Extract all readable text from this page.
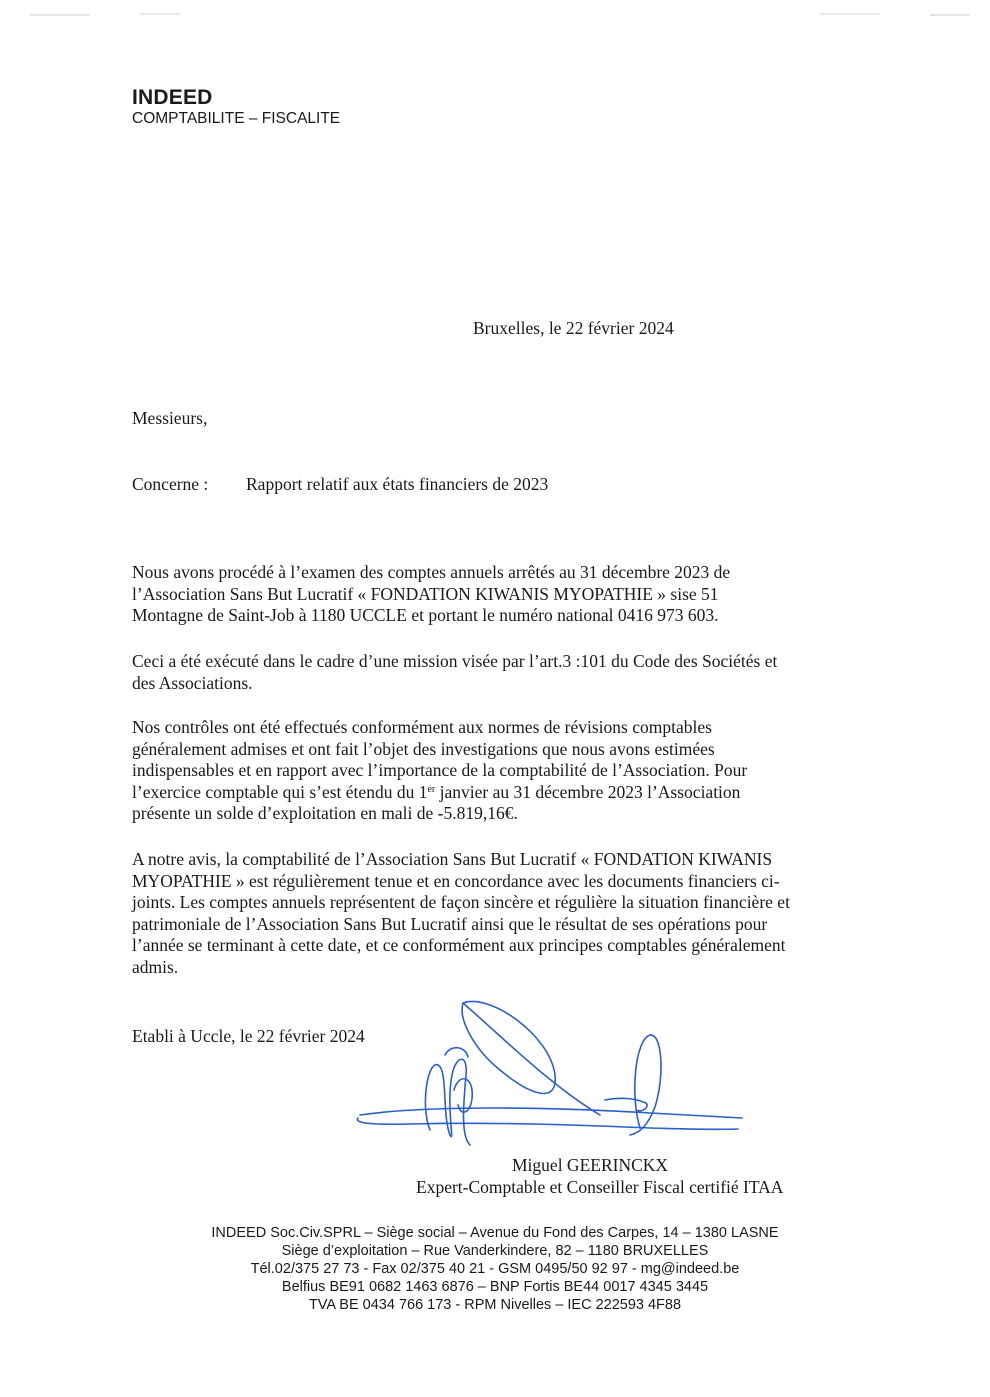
INDEED
COMPTABILITE – FISCALITE
Bruxelles, le 22 février 2024
Messieurs,
Concerne : Rapport relatif aux états financiers de 2023
Nous avons procédé à l’examen des comptes annuels arrêtés au 31 décembre 2023 de
l’Association Sans But Lucratif « FONDATION KIWANIS MYOPATHIE » sise 51
Montagne de Saint-Job à 1180 UCCLE et portant le numéro national 0416 973 603.
Ceci a été exécuté dans le cadre d’une mission visée par l’art.3 :101 du Code des Sociétés et
des Associations.
Nos contrôles ont été effectués conformément aux normes de révisions comptables
généralement admises et ont fait l’objet des investigations que nous avons estimées
indispensables et en rapport avec l’importance de la comptabilité de l’Association. Pour
l’exercice comptable qui s’est étendu du 1er janvier au 31 décembre 2023 l’Association
présente un solde d’exploitation en mali de -5.819,16€.
A notre avis, la comptabilité de l’Association Sans But Lucratif « FONDATION KIWANIS
MYOPATHIE » est régulièrement tenue et en concordance avec les documents financiers ci-
joints. Les comptes annuels représentent de façon sincère et régulière la situation financière et
patrimoniale de l’Association Sans But Lucratif ainsi que le résultat de ses opérations pour
l’année se terminant à cette date, et ce conformément aux principes comptables généralement
admis.
Etabli à Uccle, le 22 février 2024
Miguel GEERINCKX
Expert-Comptable et Conseiller Fiscal certifié ITAA
INDEED Soc.Civ.SPRL – Siège social – Avenue du Fond des Carpes, 14 – 1380 LASNE
Siège d’exploitation – Rue Vanderkindere, 82 – 1180 BRUXELLES
Tél.02/375 27 73 - Fax 02/375 40 21 - GSM 0495/50 92 97 - mg@indeed.be
Belfius BE91 0682 1463 6876 – BNP Fortis BE44 0017 4345 3445
TVA BE 0434 766 173 - RPM Nivelles – IEC 222593 4F88
